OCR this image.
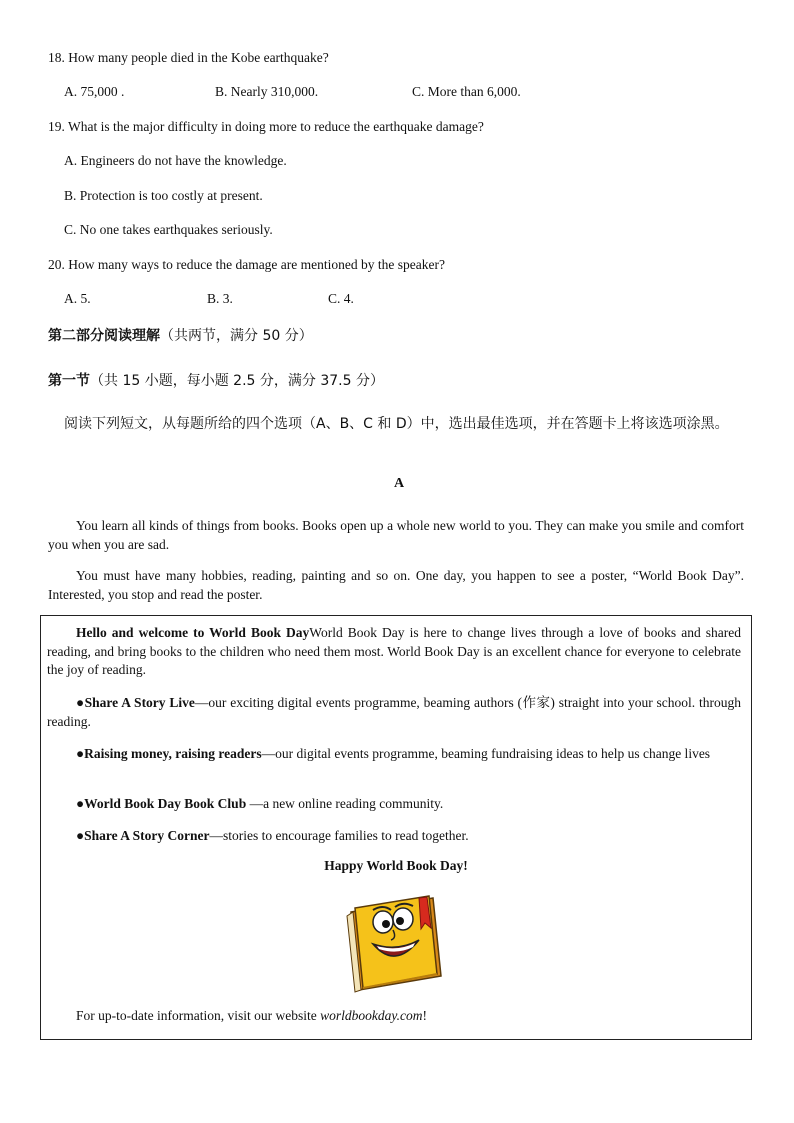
18. How many people died in the Kobe earthquake?
A. 75,000 .	B. Nearly 310,000.	C. More than 6,000.
19. What is the major difficulty in doing more to reduce the earthquake damage?
A. Engineers do not have the knowledge.
B. Protection is too costly at present.
C. No one takes earthquakes seriously.
20. How many ways to reduce the damage are mentioned by the speaker?
A. 5.	B. 3.	C. 4.
第二部分阅读理解（共两节，满分 50 分）
第一节（共 15 小题，每小题 2.5 分，满分 37.5 分）
阅读下列短文，从每题所给的四个选项（A、B、C 和 D）中，选出最佳选项，并在答题卡上将该选项涂黑。
A
You learn all kinds of things from books. Books open up a whole new world to you. They can make you smile and comfort you when you are sad.
You must have many hobbies, reading, painting and so on. One day, you happen to see a poster, “World Book Day”. Interested, you stop and read the poster.
Hello and welcome to World Book DayWorld Book Day is here to change lives through a love of books and shared reading, and bring books to the children who need them most. World Book Day is an excellent chance for everyone to celebrate the joy of reading.
●Share A Story Live—our exciting digital events programme, beaming authors (作家) straight into your school. through reading.
●Raising money, raising readers—our digital events programme, beaming fundraising ideas to help us change lives
●World Book Day Book Club —a new online reading community.
●Share A Story Corner—stories to encourage families to read together.
Happy World Book Day!
For up-to-date information, visit our website worldbookday.com!
